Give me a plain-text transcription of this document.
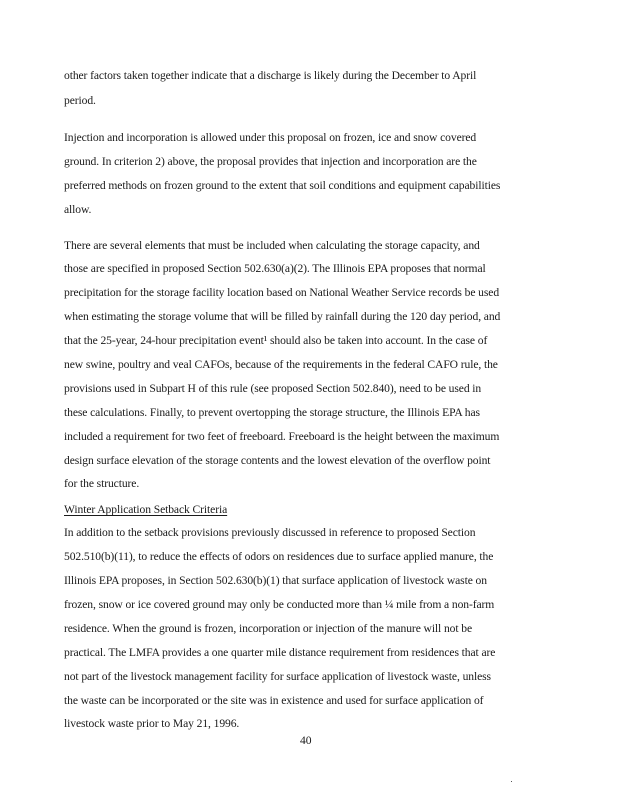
other factors taken together indicate that a discharge is likely during the December to April
period.
Injection and incorporation is allowed under this proposal on frozen, ice and snow covered
ground. In criterion 2) above, the proposal provides that injection and incorporation are the
preferred methods on frozen ground to the extent that soil conditions and equipment capabilities
allow.
There are several elements that must be included when calculating the storage capacity, and
those are specified in proposed Section 502.630(a)(2). The Illinois EPA proposes that normal
precipitation for the storage facility location based on National Weather Service records be used
when estimating the storage volume that will be filled by rainfall during the 120 day period, and
that the 25-year, 24-hour precipitation event¹ should also be taken into account. In the case of
new swine, poultry and veal CAFOs, because of the requirements in the federal CAFO rule, the
provisions used in Subpart H of this rule (see proposed Section 502.840), need to be used in
these calculations. Finally, to prevent overtopping the storage structure, the Illinois EPA has
included a requirement for two feet of freeboard. Freeboard is the height between the maximum
design surface elevation of the storage contents and the lowest elevation of the overflow point
for the structure.
Winter Application Setback Criteria
In addition to the setback provisions previously discussed in reference to proposed Section
502.510(b)(11), to reduce the effects of odors on residences due to surface applied manure, the
Illinois EPA proposes, in Section 502.630(b)(1) that surface application of livestock waste on
frozen, snow or ice covered ground may only be conducted more than ¼ mile from a non-farm
residence. When the ground is frozen, incorporation or injection of the manure will not be
practical. The LMFA provides a one quarter mile distance requirement from residences that are
not part of the livestock management facility for surface application of livestock waste, unless
the waste can be incorporated or the site was in existence and used for surface application of
livestock waste prior to May 21, 1996.
40
